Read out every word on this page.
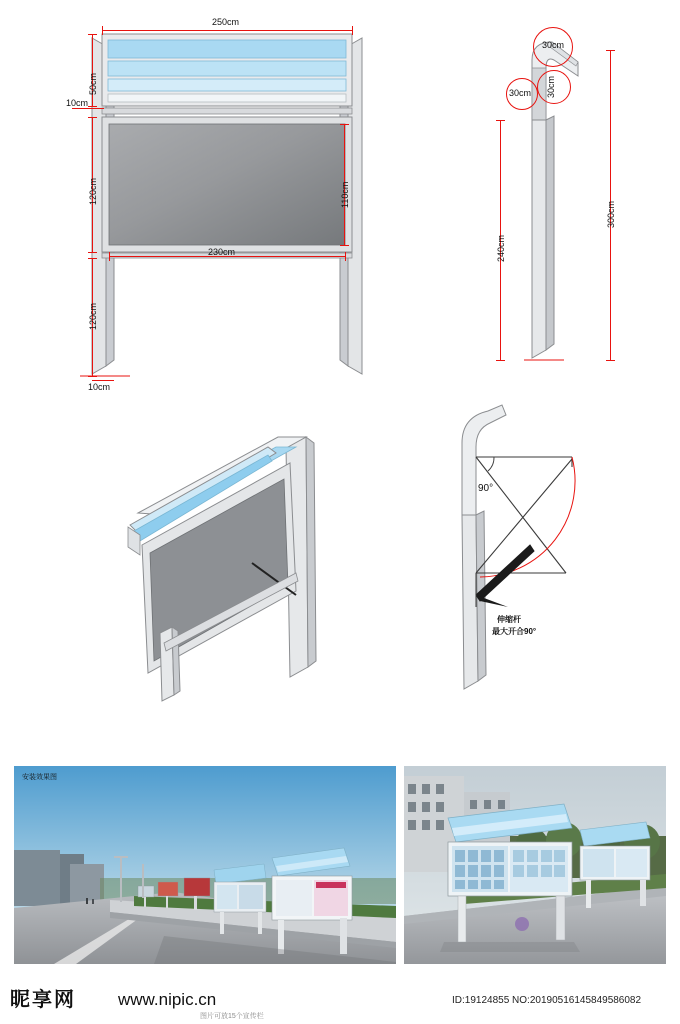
250cm
50cm
10cm
120cm	110cm
230cm
120cm
10cm
30cm
30cm 30cm
240cm
300cm
90°
伸缩杆
最大开合90°
安装效果图
昵享网 www.nipic.cn
图片可放15个宣传栏
ID:19124855 NO:20190516145849586082
